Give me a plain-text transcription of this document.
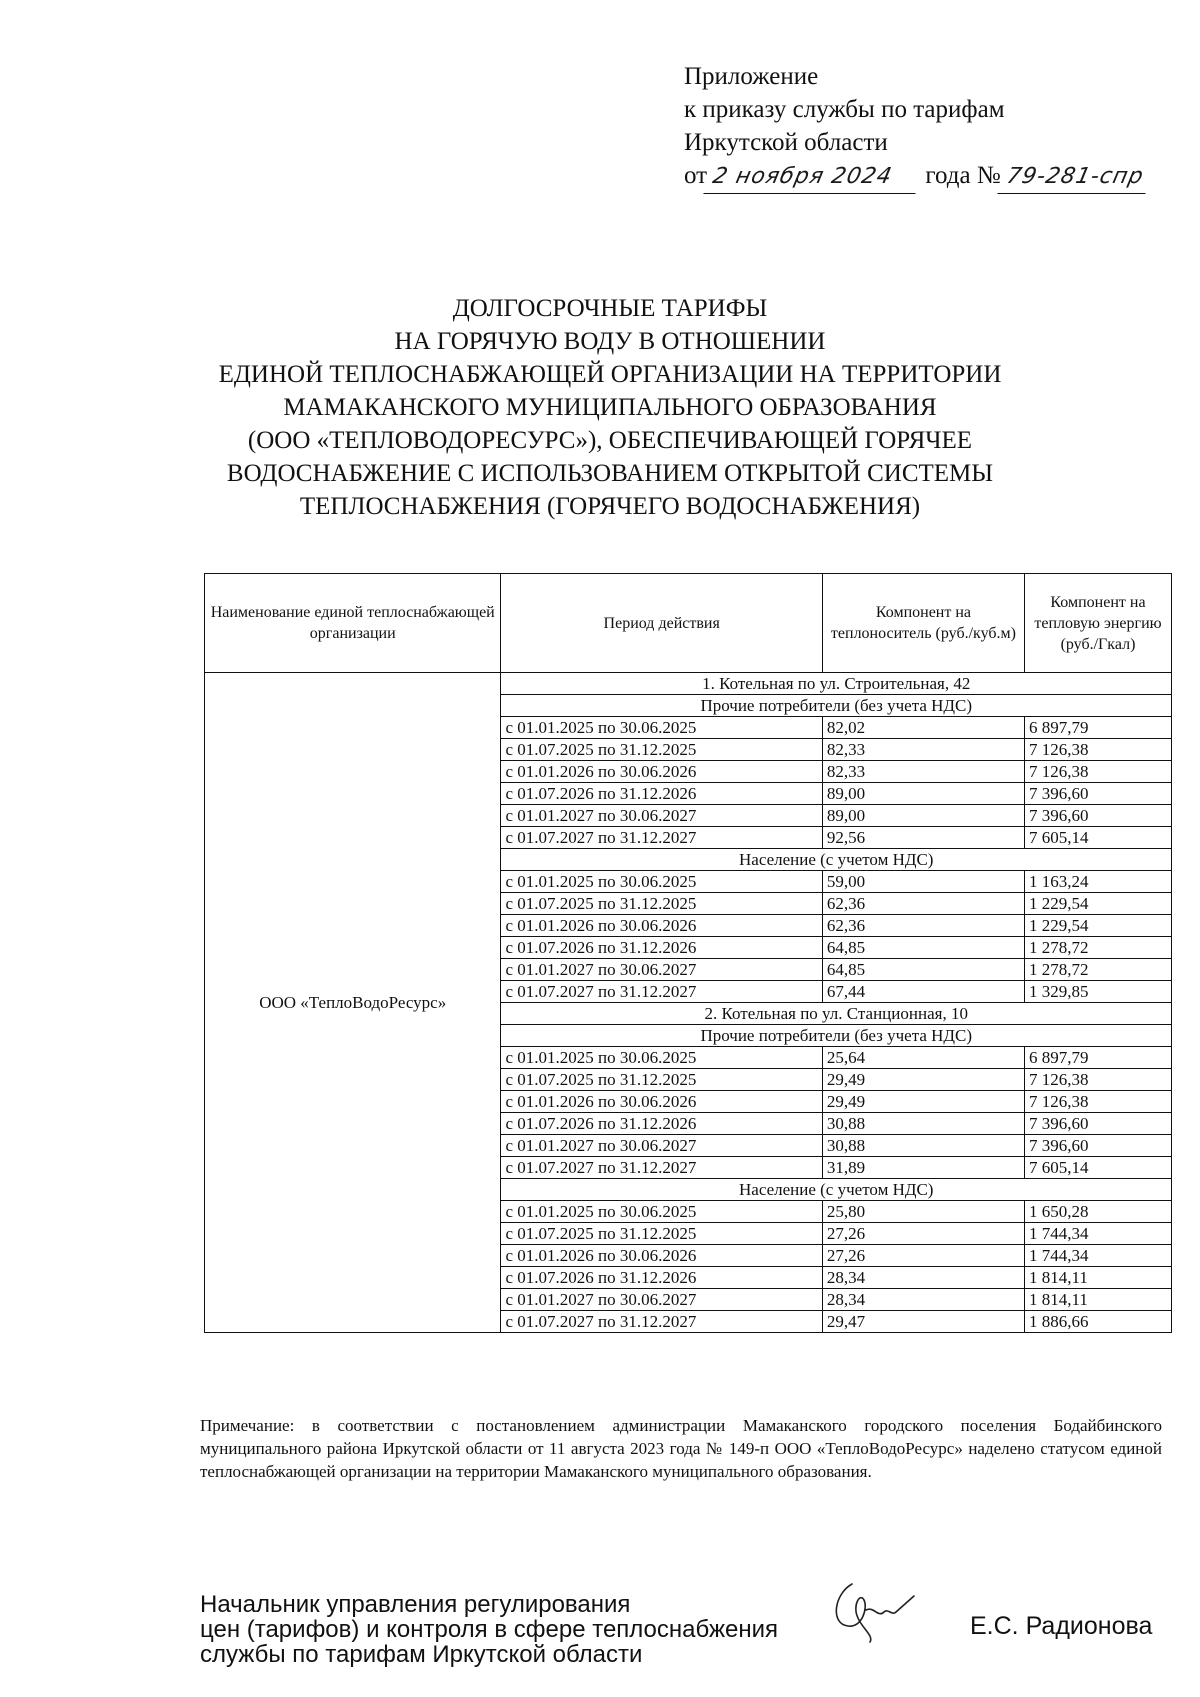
Приложение
к приказу службы по тарифам
Иркутской области
от 2 ноября 2024 года № 79-281-спр
ДОЛГОСРОЧНЫЕ ТАРИФЫ
НА ГОРЯЧУЮ ВОДУ В ОТНОШЕНИИ
ЕДИНОЙ ТЕПЛОСНАБЖАЮЩЕЙ ОРГАНИЗАЦИИ НА ТЕРРИТОРИИ
МАМАКАНСКОГО МУНИЦИПАЛЬНОГО ОБРАЗОВАНИЯ
(ООО «ТЕПЛОВОДОРЕСУРС»), ОБЕСПЕЧИВАЮЩЕЙ ГОРЯЧЕЕ
ВОДОСНАБЖЕНИЕ С ИСПОЛЬЗОВАНИЕМ ОТКРЫТОЙ СИСТЕМЫ
ТЕПЛОСНАБЖЕНИЯ (ГОРЯЧЕГО ВОДОСНАБЖЕНИЯ)
Наименование единой теплоснабжающей организации	Период действия	Компонент на теплоноситель (руб./куб.м)	Компонент на тепловую энергию (руб./Гкал)
ООО «ТеплоВодоРесурс»	1. Котельная по ул. Строительная, 42		
	Прочие потребители (без учета НДС)		
	с 01.01.2025 по 30.06.2025	82,02	6 897,79
	с 01.07.2025 по 31.12.2025	82,33	7 126,38
	с 01.01.2026 по 30.06.2026	82,33	7 126,38
	с 01.07.2026 по 31.12.2026	89,00	7 396,60
	с 01.01.2027 по 30.06.2027	89,00	7 396,60
	с 01.07.2027 по 31.12.2027	92,56	7 605,14
	Население (с учетом НДС)		
	с 01.01.2025 по 30.06.2025	59,00	1 163,24
	с 01.07.2025 по 31.12.2025	62,36	1 229,54
	с 01.01.2026 по 30.06.2026	62,36	1 229,54
	с 01.07.2026 по 31.12.2026	64,85	1 278,72
	с 01.01.2027 по 30.06.2027	64,85	1 278,72
	с 01.07.2027 по 31.12.2027	67,44	1 329,85
	2. Котельная по ул. Станционная, 10		
	Прочие потребители (без учета НДС)		
	с 01.01.2025 по 30.06.2025	25,64	6 897,79
	с 01.07.2025 по 31.12.2025	29,49	7 126,38
	с 01.01.2026 по 30.06.2026	29,49	7 126,38
	с 01.07.2026 по 31.12.2026	30,88	7 396,60
	с 01.01.2027 по 30.06.2027	30,88	7 396,60
	с 01.07.2027 по 31.12.2027	31,89	7 605,14
	Население (с учетом НДС)		
	с 01.01.2025 по 30.06.2025	25,80	1 650,28
	с 01.07.2025 по 31.12.2025	27,26	1 744,34
	с 01.01.2026 по 30.06.2026	27,26	1 744,34
	с 01.07.2026 по 31.12.2026	28,34	1 814,11
	с 01.01.2027 по 30.06.2027	28,34	1 814,11
	с 01.07.2027 по 31.12.2027	29,47	1 886,66
Примечание: в соответствии с постановлением администрации Мамаканского городского поселения Бодайбинского муниципального района Иркутской области от 11 августа 2023 года № 149-п ООО «ТеплоВодоРесурс» наделено статусом единой теплоснабжающей организации на территории Мамаканского муниципального образования.
Начальник управления регулирования
цен (тарифов) и контроля в сфере теплоснабжения
службы по тарифам Иркутской области
Е.С. Радионова
